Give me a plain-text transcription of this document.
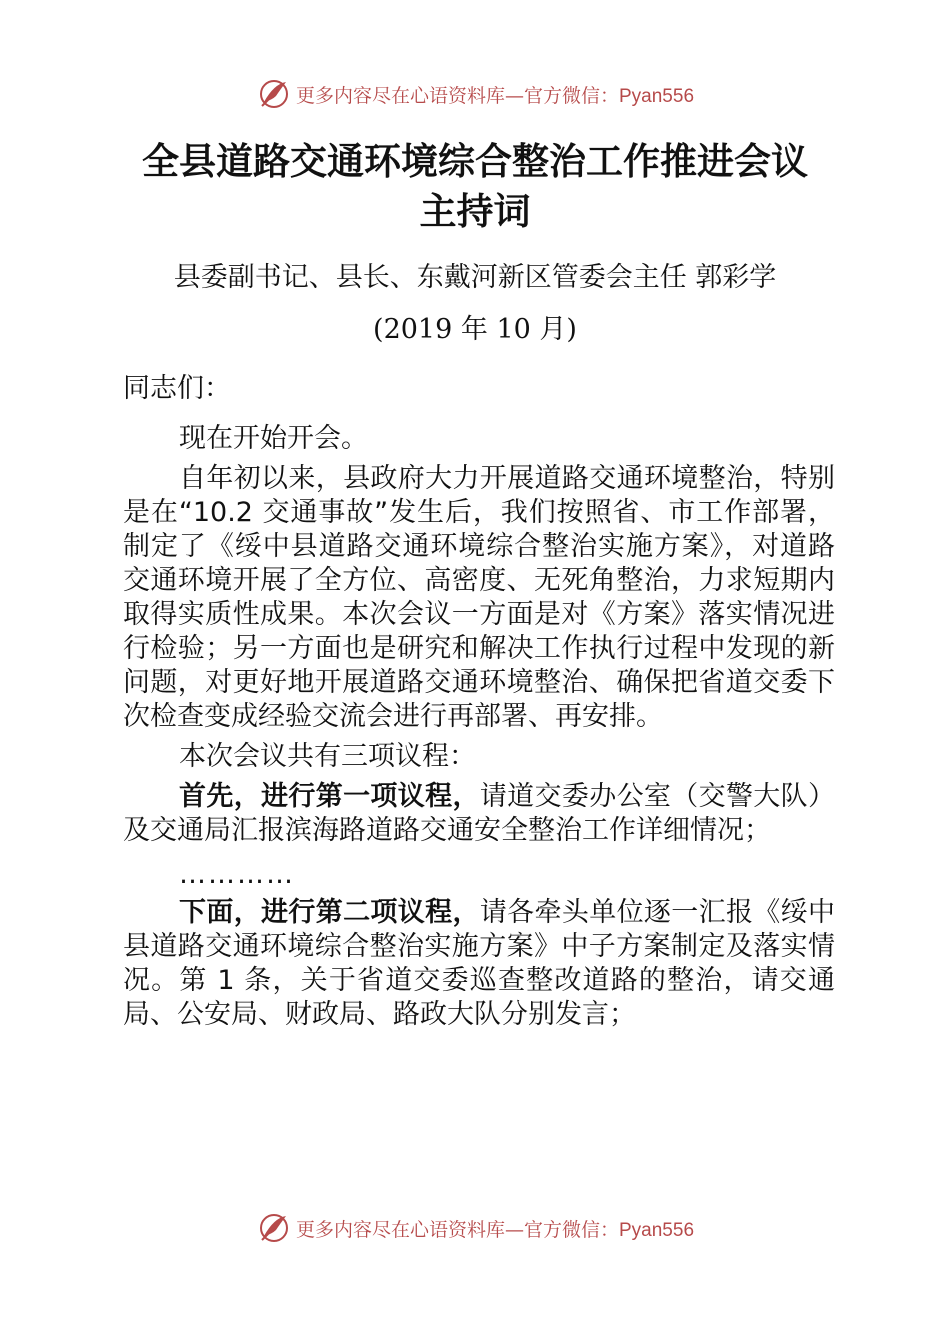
更多内容尽在心语资料库—官方微信：Pyan556
全县道路交通环境综合整治工作推进会议
主持词
县委副书记、县长、东戴河新区管委会主任 郭彩学
(2019 年 10 月)

同志们：

现在开始开会。

自年初以来，县政府大力开展道路交通环境整治，特别是在“10.2 交通事故”发生后，我们按照省、市工作部署，制定了《绥中县道路交通环境综合整治实施方案》，对道路交通环境开展了全方位、高密度、无死角整治，力求短期内取得实质性成果。本次会议一方面是对《方案》落实情况进行检验；另一方面也是研究和解决工作执行过程中发现的新问题，对更好地开展道路交通环境整治、确保把省道交委下次检查变成经验交流会进行再部署、再安排。

本次会议共有三项议程：

首先，进行第一项议程，请道交委办公室（交警大队）及交通局汇报滨海路道路交通安全整治工作详细情况；

…………

下面，进行第二项议程，请各牵头单位逐一汇报《绥中县道路交通环境综合整治实施方案》中子方案制定及落实情况。第 1 条，关于省道交委巡查整改道路的整治，请交通局、公安局、财政局、路政大队分别发言；

更多内容尽在心语资料库—官方微信：Pyan556
